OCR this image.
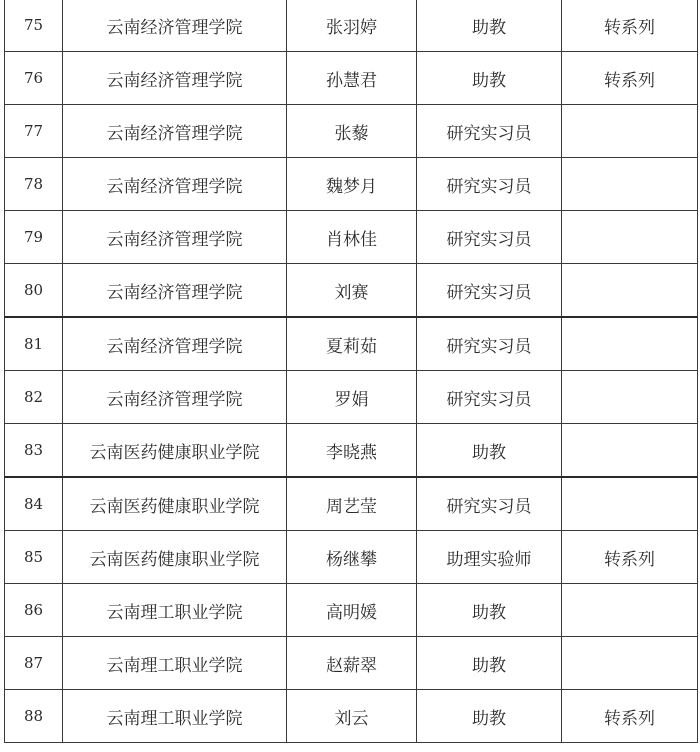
75	云南经济管理学院	张羽婷	助教	转系列
76	云南经济管理学院	孙慧君	助教	转系列
77	云南经济管理学院	张藜	研究实习员	
78	云南经济管理学院	魏梦月	研究实习员	
79	云南经济管理学院	肖林佳	研究实习员	
80	云南经济管理学院	刘赛	研究实习员	
81	云南经济管理学院	夏莉茹	研究实习员	
82	云南经济管理学院	罗娟	研究实习员	
83	云南医药健康职业学院	李晓燕	助教	
84	云南医药健康职业学院	周艺莹	研究实习员	
85	云南医药健康职业学院	杨继攀	助理实验师	转系列
86	云南理工职业学院	高明媛	助教	
87	云南理工职业学院	赵薪翠	助教	
88	云南理工职业学院	刘云	助教	转系列
